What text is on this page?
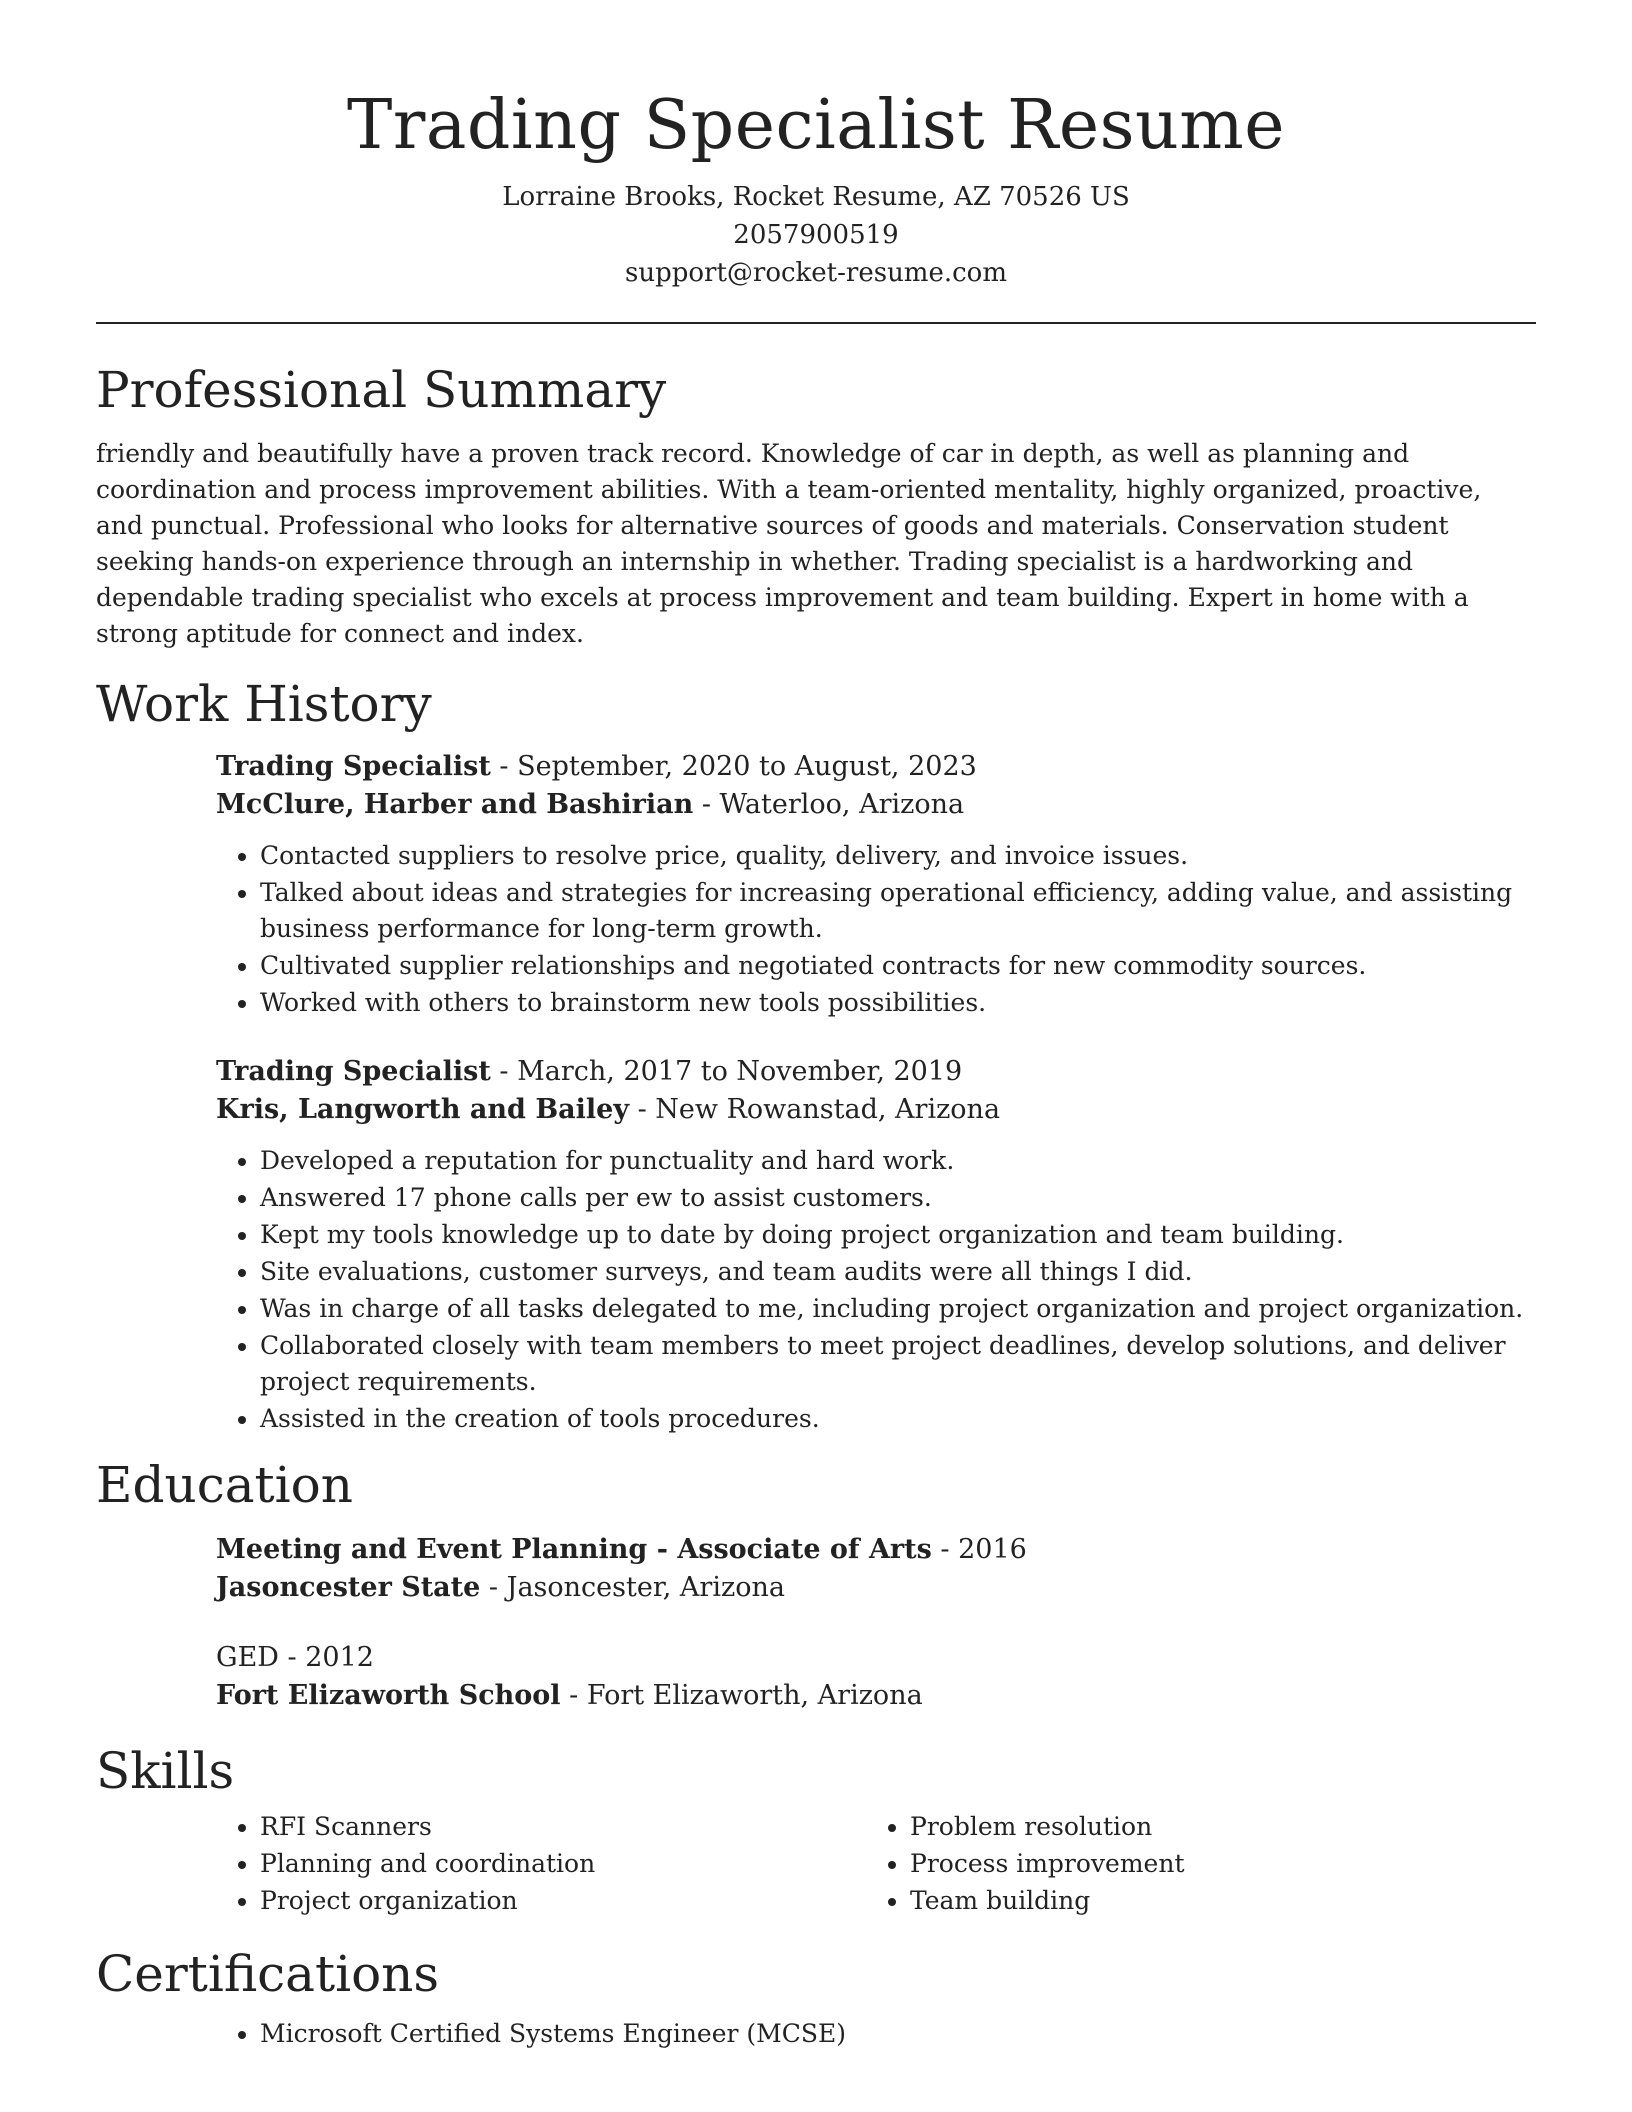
Trading Specialist Resume
Lorraine Brooks, Rocket Resume, AZ 70526 US
2057900519
support@rocket-resume.com
Professional Summary

friendly and beautifully have a proven track record. Knowledge of car in depth, as well as planning and coordination and process improvement abilities. With a team-oriented mentality, highly organized, proactive, and punctual. Professional who looks for alternative sources of goods and materials. Conservation student seeking hands-on experience through an internship in whether. Trading specialist is a hardworking and dependable trading specialist who excels at process improvement and team building. Expert in home with a strong aptitude for connect and index.

Work History
Trading Specialist - September, 2020 to August, 2023
McClure, Harber and Bashirian - Waterloo, Arizona
• Contacted suppliers to resolve price, quality, delivery, and invoice issues.
• Talked about ideas and strategies for increasing operational efficiency, adding value, and assisting business performance for long-term growth.
• Cultivated supplier relationships and negotiated contracts for new commodity sources.
• Worked with others to brainstorm new tools possibilities.
Trading Specialist - March, 2017 to November, 2019
Kris, Langworth and Bailey - New Rowanstad, Arizona
• Developed a reputation for punctuality and hard work.
• Answered 17 phone calls per ew to assist customers.
• Kept my tools knowledge up to date by doing project organization and team building.
• Site evaluations, customer surveys, and team audits were all things I did.
• Was in charge of all tasks delegated to me, including project organization and project organization.
• Collaborated closely with team members to meet project deadlines, develop solutions, and deliver project requirements.
• Assisted in the creation of tools procedures.
Education
Meeting and Event Planning - Associate of Arts - 2016
Jasoncester State - Jasoncester, Arizona
GED - 2012
Fort Elizaworth School - Fort Elizaworth, Arizona
Skills
• RFI Scanners
• Planning and coordination
• Project organization
• Problem resolution
• Process improvement
• Team building
Certifications
• Microsoft Certified Systems Engineer (MCSE)
